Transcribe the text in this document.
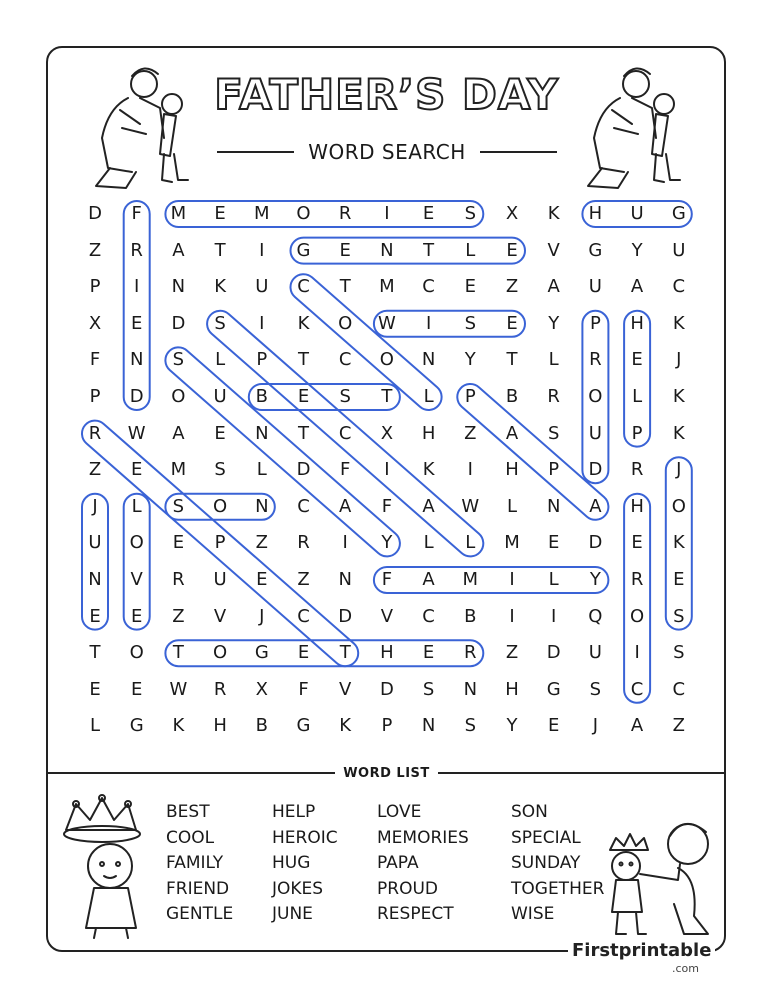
FATHER’S DAY
WORD SEARCH
D	F	M	E	M	O	R	I	E	S	X	K	H	U	G
Z	R	A	T	I	G	E	N	T	L	E	V	G	Y	U
P	I	N	K	U	C	T	M	C	E	Z	A	U	A	C
X	E	D	S	I	K	O	W	I	S	E	Y	P	H	K
F	N	S	L	P	T	C	O	N	Y	T	L	R	E	J
P	D	O	U	B	E	S	T	L	P	B	R	O	L	K
R	W	A	E	N	T	C	X	H	Z	A	S	U	P	K
Z	E	M	S	L	D	F	I	K	I	H	P	D	R	J
J	L	S	O	N	C	A	F	A	W	L	N	A	H	O
U	O	E	P	Z	R	I	Y	L	L	M	E	D	E	K
N	V	R	U	E	Z	N	F	A	M	I	L	Y	R	E
E	E	Z	V	J	C	D	V	C	B	I	I	Q	O	S
T	O	T	O	G	E	T	H	E	R	Z	D	U	I	S
E	E	W	R	X	F	V	D	S	N	H	G	S	C	C
L	G	K	H	B	G	K	P	N	S	Y	E	J	A	Z
WORD LIST
BEST
COOL
FAMILY
FRIEND
GENTLE
HELP
HEROIC
HUG
JOKES
JUNE
LOVE
MEMORIES
PAPA
PROUD
RESPECT
SON
SPECIAL
SUNDAY
TOGETHER
WISE
Firstprintable
.com
